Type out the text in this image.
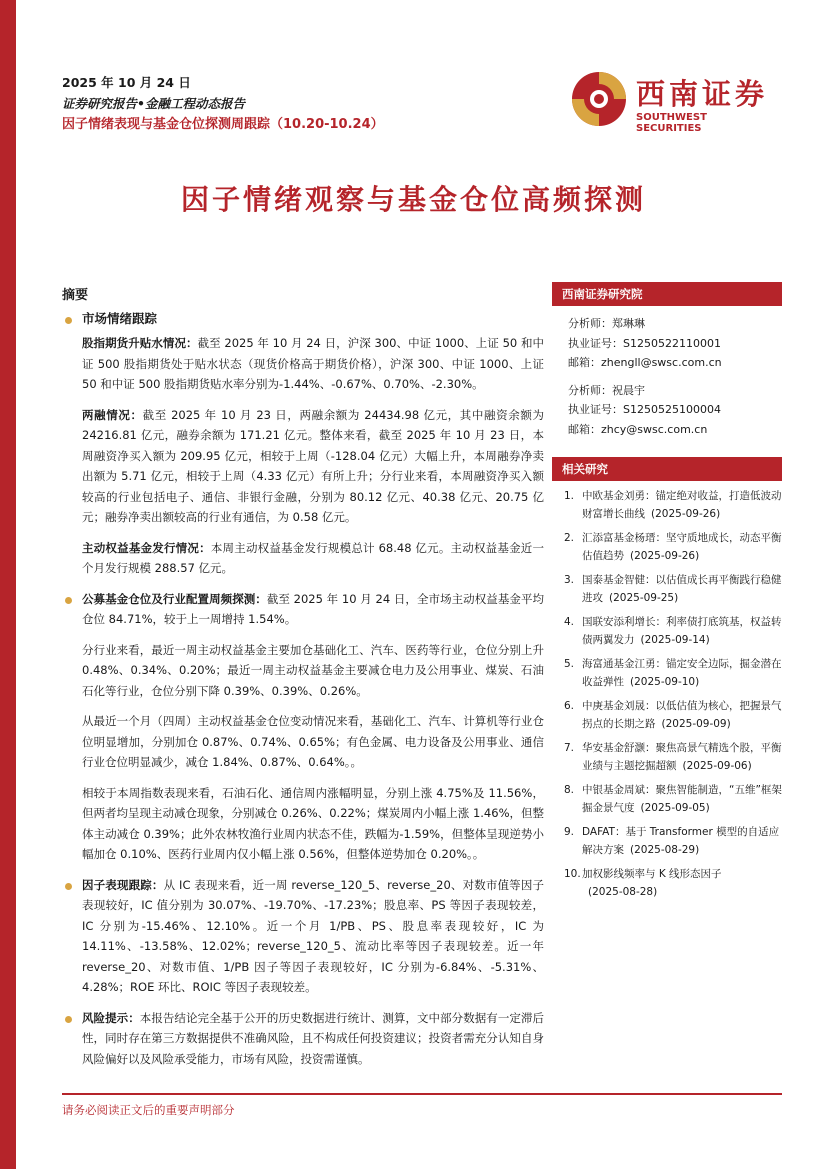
2025 年 10 月 24 日
证券研究报告•金融工程动态报告
因子情绪表现与基金仓位探测周跟踪（10.20-10.24）
西南证券
SOUTHWEST SECURITIES
因子情绪观察与基金仓位高频探测
摘要
市场情绪跟踪
股指期货升贴水情况：截至 2025 年 10 月 24 日，沪深 300、中证 1000、上证 50 和中证 500 股指期货处于贴水状态（现货价格高于期货价格），沪深 300、中证 1000、上证 50 和中证 500 股指期货贴水率分别为-1.44%、-0.67%、0.70%、-2.30%。
两融情况：截至 2025 年 10 月 23 日，两融余额为 24434.98 亿元，其中融资余额为 24216.81 亿元，融券余额为 171.21 亿元。整体来看，截至 2025 年 10 月 23 日，本周融资净买入额为 209.95 亿元，相较于上周（-128.04 亿元）大幅上升，本周融券净卖出额为 5.71 亿元，相较于上周（4.33 亿元）有所上升；分行业来看，本周融资净买入额较高的行业包括电子、通信、非银行金融，分别为 80.12 亿元、40.38 亿元、20.75 亿元；融券净卖出额较高的行业有通信，为 0.58 亿元。
主动权益基金发行情况：本周主动权益基金发行规模总计 68.48 亿元。主动权益基金近一个月发行规模 288.57 亿元。
公募基金仓位及行业配置周频探测：截至 2025 年 10 月 24 日，全市场主动权益基金平均仓位 84.71%，较于上一周增持 1.54%。
分行业来看，最近一周主动权益基金主要加仓基础化工、汽车、医药等行业，仓位分别上升 0.48%、0.34%、0.20%；最近一周主动权益基金主要减仓电力及公用事业、煤炭、石油石化等行业，仓位分别下降 0.39%、0.39%、0.26%。
从最近一个月（四周）主动权益基金仓位变动情况来看，基础化工、汽车、计算机等行业仓位明显增加，分别加仓 0.87%、0.74%、0.65%；有色金属、电力设备及公用事业、通信行业仓位明显减少，减仓 1.84%、0.87%、0.64%。。
相较于本周指数表现来看，石油石化、通信周内涨幅明显，分别上涨 4.75%及 11.56%，但两者均呈现主动减仓现象，分别减仓 0.26%、0.22%；煤炭周内小幅上涨 1.46%，但整体主动减仓 0.39%；此外农林牧渔行业周内状态不佳，跌幅为-1.59%，但整体呈现逆势小幅加仓 0.10%、医药行业周内仅小幅上涨 0.56%，但整体逆势加仓 0.20%。。
因子表现跟踪：从 IC 表现来看，近一周 reverse_120_5、reverse_20、对数市值等因子表现较好，IC 值分别为 30.07%、-19.70%、-17.23%；股息率、PS 等因子表现较差，IC 分别为-15.46%、12.10%。近一个月 1/PB、PS、股息率表现较好，IC 为 14.11%、-13.58%、12.02%；reverse_120_5、流动比率等因子表现较差。近一年 reverse_20、对数市值、1/PB 因子等因子表现较好，IC 分别为-6.84%、-5.31%、4.28%；ROE 环比、ROIC 等因子表现较差。
风险提示：本报告结论完全基于公开的历史数据进行统计、测算，文中部分数据有一定滞后性，同时存在第三方数据提供不准确风险，且不构成任何投资建议；投资者需充分认知自身风险偏好以及风险承受能力，市场有风险，投资需谨慎。
西南证券研究院
分析师：郑琳琳
执业证号：S1250522110001
邮箱：zhengll@swsc.com.cn
分析师：祝晨宇
执业证号：S1250525100004
邮箱：zhcy@swsc.com.cn
相关研究
1. 中欧基金刘勇：锚定绝对收益，打造低波动财富增长曲线 (2025-09-26)
2. 汇添富基金杨瑨：坚守质地成长，动态平衡估值趋势 (2025-09-26)
3. 国泰基金智健：以估值成长再平衡践行稳健进攻 (2025-09-25)
4. 国联安添利增长：利率债打底筑基，权益转债两翼发力 (2025-09-14)
5. 海富通基金江勇：锚定安全边际，掘金潜在收益弹性 (2025-09-10)
6. 中庚基金刘晟：以低估值为核心，把握景气拐点的长期之路 (2025-09-09)
7. 华安基金舒灏：聚焦高景气精选个股，平衡业绩与主题挖掘超额 (2025-09-06)
8. 中银基金周斌：聚焦智能制造，“五维”框架掘金景气度 (2025-09-05)
9. DAFAT：基于 Transformer 模型的自适应解决方案 (2025-08-29)
10. 加权影线频率与 K 线形态因子(2025-08-28)
请务必阅读正文后的重要声明部分
